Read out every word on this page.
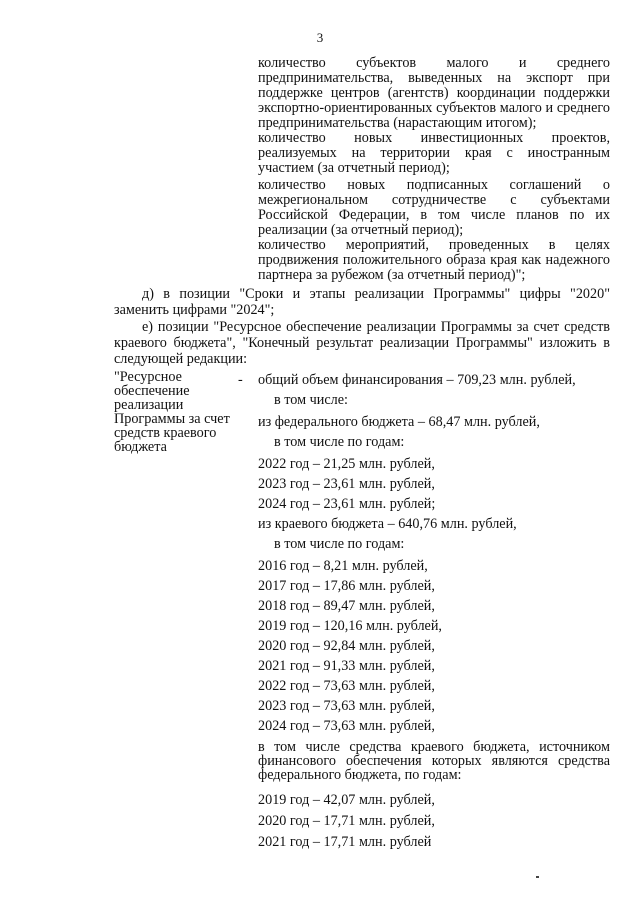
3
количество субъектов малого и среднего предпринимательства, выведенных на экспорт при поддержке центров (агентств) координации поддержки экспортно-ориентированных субъектов малого и среднего предпринимательства (нарастающим итогом);
количество новых инвестиционных проектов, реализуемых на территории края с иностранным участием (за отчетный период);
количество новых подписанных соглашений о межрегиональном сотрудничестве с субъектами Российской Федерации, в том числе планов по их реализации (за отчетный период);
количество мероприятий, проведенных в целях продвижения положительного образа края как надежного партнера за рубежом (за отчетный период)";
д) в позиции "Сроки и этапы реализации Программы" цифры "2020" заменить цифрами "2024";
е) позиции "Ресурсное обеспечение реализации Программы за счет средств краевого бюджета", "Конечный результат реализации Программы" изложить в следующей редакции:
"Ресурсное обеспечение реализации Программы за счет средств краевого бюджета
- общий объем финансирования – 709,23 млн. рублей,
в том числе:
из федерального бюджета – 68,47 млн. рублей,
в том числе по годам:
2022 год – 21,25 млн. рублей,
2023 год – 23,61 млн. рублей,
2024 год – 23,61 млн. рублей;
из краевого бюджета – 640,76 млн. рублей,
в том числе по годам:
2016 год – 8,21 млн. рублей,
2017 год – 17,86 млн. рублей,
2018 год – 89,47 млн. рублей,
2019 год – 120,16 млн. рублей,
2020 год – 92,84 млн. рублей,
2021 год – 91,33 млн. рублей,
2022 год – 73,63 млн. рублей,
2023 год – 73,63 млн. рублей,
2024 год – 73,63 млн. рублей,
в том числе средства краевого бюджета, источником финансового обеспечения которых являются средства федерального бюджета, по годам:
2019 год – 42,07 млн. рублей,
2020 год – 17,71 млн. рублей,
2021 год – 17,71 млн. рублей
